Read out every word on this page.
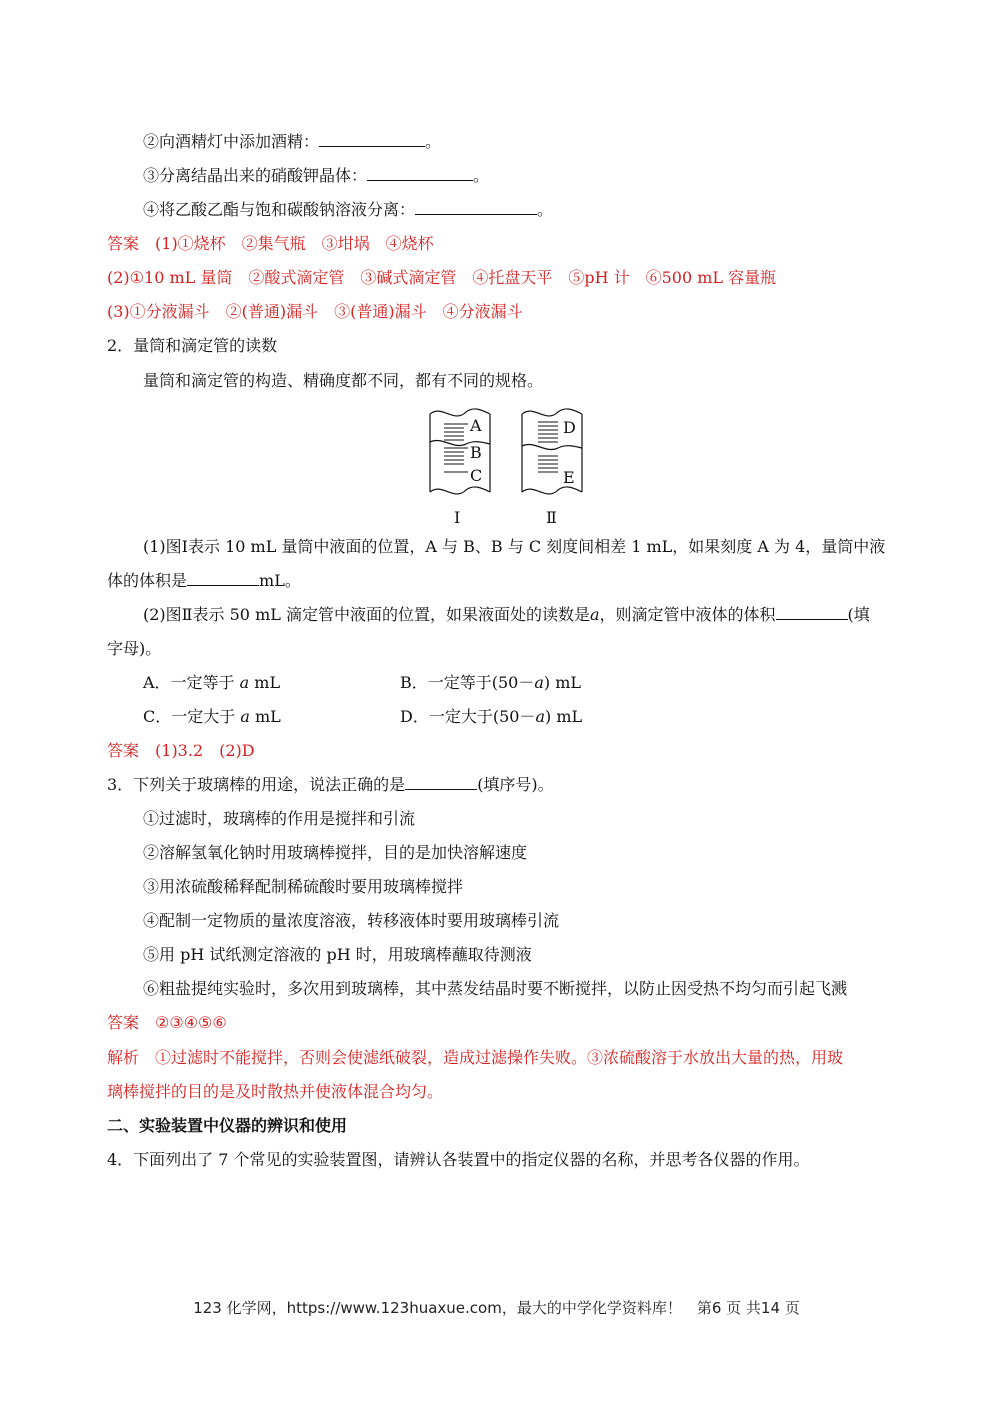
②向酒精灯中添加酒精：	。
③分离结晶出来的硝酸钾晶体：	。
④将乙酸乙酯与饱和碳酸钠溶液分离：	。
答案 (1)①烧杯　②集气瓶　③坩埚　④烧杯
(2)①10 mL 量筒　②酸式滴定管　③碱式滴定管　④托盘天平　⑤pH 计　⑥500 mL 容量瓶
(3)①分液漏斗　②(普通)漏斗　③(普通)漏斗　④分液漏斗
2．量筒和滴定管的读数
量筒和滴定管的构造、精确度都不同，都有不同的规格。
A
B
C
D
E
Ⅰ	Ⅱ
(1)图Ⅰ表示 10 mL 量筒中液面的位置，A 与 B、B 与 C 刻度间相差 1 mL，如果刻度 A 为 4，量筒中液
体的体积是	mL。
(2)图Ⅱ表示 50 mL 滴定管中液面的位置，如果液面处的读数是a，则滴定管中液体的体积	(填
字母)。
A．一定等于 a mL	B．一定等于(50－a) mL
C．一定大于 a mL	D．一定大于(50－a) mL
答案 (1)3.2　(2)D
3．下列关于玻璃棒的用途，说法正确的是	(填序号)。
①过滤时，玻璃棒的作用是搅拌和引流
②溶解氢氧化钠时用玻璃棒搅拌，目的是加快溶解速度
③用浓硫酸稀释配制稀硫酸时要用玻璃棒搅拌
④配制一定物质的量浓度溶液，转移液体时要用玻璃棒引流
⑤用 pH 试纸测定溶液的 pH 时，用玻璃棒蘸取待测液
⑥粗盐提纯实验时，多次用到玻璃棒，其中蒸发结晶时要不断搅拌，以防止因受热不均匀而引起飞溅
答案 ②③④⑤⑥
解析 ①过滤时不能搅拌，否则会使滤纸破裂，造成过滤操作失败。③浓硫酸溶于水放出大量的热，用玻
璃棒搅拌的目的是及时散热并使液体混合均匀。
二、实验装置中仪器的辨识和使用
4．下面列出了 7 个常见的实验装置图，请辨认各装置中的指定仪器的名称，并思考各仪器的作用。
123 化学网，https://www.123huaxue.com，最大的中学化学资料库！　第6 页 共14 页
